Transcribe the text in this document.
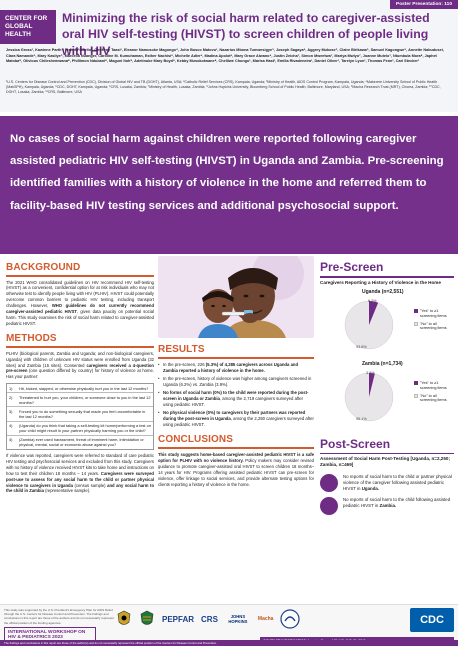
CENTER FOR GLOBAL HEALTH
Poster Presentation: 110
Minimizing the risk of social harm related to caregiver-assisted oral HIV self-testing (HIVST) to screen children of people living with HIV
Jessica Gross¹, Kawinne Parth¹, Francis Okello², Geoffrey Taasi³, Eleanor Namusoke Magongo⁴, John Bosco Matovu³, Nazarius Mbona Tumwesigye⁵, Joseph Sagaya⁶, Aggrey Mukose⁵, Claire Birikawa⁵, Samuel Kagongwe⁵, Annette Nabudusei, Clara Namande⁵, Mary Kasiiye⁵, Marcella Nuanger, Caroline M. Kumuhaman, Esther Nachisi⁶, Michelle Adler⁶, Madina Apolot⁶, Mary Grace Alwano⁴, Justin Zeicha⁷, Simon Mweetwa⁷, Mariya Mwiyo⁷, Joanne Mutelo⁷, Ntumbula Mora⁸, Japhet Matoba⁸, Olivious Chileshemwana⁸, Phillimon Ndubani⁸, Maguni Itoh⁸, Adetinuke Mary Boyd⁸, Kebby Musokotwane⁸, Chelliwe Chungu¹, Marisa Hast¹, Emilia Rivadeneira¹, Daniel Oliver¹, Tarelyn Lyon¹, Thomas Fenn¹, Carl Stecker¹
¹U.S. Centers for Disease Control and Prevention (CDC), Division of Global HIV and TB (DGHT), Atlanta, USA; ²Catholic Relief Services (CRS), Kampala, Uganda; ³Ministry of Health, AIDS Control Program, Kampala, Uganda; ⁴Makerere University School of Public Health (MakSPH), Kampala, Uganda; ⁵CDC, DGHT, Kampala, Uganda; ⁶CRS, Lusaka, Zambia; ⁷Ministry of Health, Lusaka, Zambia; ⁸Johns Hopkins University, Bloomberg School of Public Health, Baltimore, Maryland, USA; ⁹Macha Research Trust (MRT), Choma, Zambia; ¹⁰CDC, DGHT, Lusaka, Zambia; ¹¹CRS, Baltimore, USA
No cases of social harm against children were reported following caregiver assisted pediatric HIV self-testing (HIVST) in Uganda and Zambia. Pre-screening identified families with a history of violence in the home and referred them to facility-based HIV testing services and additional psychosocial support.
BACKGROUND
The 2021 WHO consolidated guidelines on HIV recommend HIV self-testing (HIVST) as a convenient, confidential option for at risk individuals who may not otherwise test to identify people living with HIV (PLHIV). HIVST could potentially overcome common barriers to pediatric HIV testing, including transport challenges. However, WHO guidelines do not currently recommend caregiver-assisted pediatric HIVST, given data paucity on potential social harm. This study examines the risk of social harm related to caregiver-assisted pediatric HIVST.
METHODS
PLHIV (biological parents, Zambia and Uganda; and non-biological caregivers, Uganda) with children of unknown HIV status were enrolled from Uganda (32 sites) and Zambia (15 sites). Consented caregivers received a 4-question pre-screen (one question differed by country) for history of violence at home. Has your partner:
1)	Hit, kicked, slapped, or otherwise physically hurt you in the last 12 months?
2)	Threatened to hurt you, your children, or someone close to you in the last 12 months?
3)	Forced you to do something sexually that made you feel uncomfortable in the last 12 months?
4)	(Uganda) do you think that taking a self-testing kit home/performing a test on your child might result in your partner physically harming you or the child?
4)	(Zambia) ever used harassment, threat of imminent harm, intimidation or physical, mental, social or economic abuse against you?
If violence was reported, caregivers were referred to standard of care pediatric HIV testing and psychosocial services and excluded from this study. Caregivers with no history of violence received HIVST kits to take home and instructions on how to test their children 18 months – 14 years. Caregivers were surveyed post-use to assess for any social harm to the child or partner physical violence to caregivers in Uganda (census sample) and any social harm to the child in Zambia (representative sample).
RESULTS
• In the pre-screen, 226 (5.3%) of 4,285 caregivers across Uganda and Zambia reported a history of violence in the home.
• In the pre-screen, history of violence was higher among caregivers screened in Uganda (6.2%) vs. Zambia (3.9%).
• No forms of social harm (0%) to the child were reported during the post-screen in Uganda or Zambia, among the 2,719 caregivers surveyed after using pediatric HIVST.
• No physical violence (0%) to caregivers by their partners was reported during the post-screen in Uganda, among the 2,250 caregivers surveyed after using pediatric HIVST.
CONCLUSIONS
This study suggests home-based caregiver-assisted pediatric HIVST is a safe option for PLHIV with no violence history. Policy makers may consider revised guidance to promote caregiver-assisted oral HIVST to screen children 18 months–14 years for HIV. Programs offering assisted pediatric HIVST can pre-screen for violence, offer linkage to social services, and provide alternate testing options for clients reporting a history of violence in the home.
Pre-Screen
Caregivers Reporting a History of Violence in the Home
Uganda (n=2,551)
6.2%
93.8%
"Yes" to ≥1 screening items
"No" to all screening items
Zambia (n=1,734)
3.9%
96.1%
"Yes" to ≥1 screening items
"No" to all screening items
Post-Screen
Assessment of Social Harm Post-Testing [Uganda, n=2,250; Zambia, n=469]
No reports of social harm to the child or partner physical violence of the caregiver following assisted pediatric HIVST in Uganda.
No reports of social harm to the child following assisted pediatric HIVST in Zambia.
This study was supported by the U.S. President's Emergency Plan for AIDS Relief through the U.S. Centers for Disease Control and Prevention. The findings and conclusions in this report are those of the authors and do not necessarily represent the official position of the funding agencies.
INTERNATIONAL WORKSHOP ON HIV & PEDIATRICS 2023
PEPFAR CRS	JOHNS HOPKINS	Macha	CDC
The findings and conclusions in this report are those of the author(s) and do not necessarily represent the official position of the Centers for Disease Control and Prevention.
